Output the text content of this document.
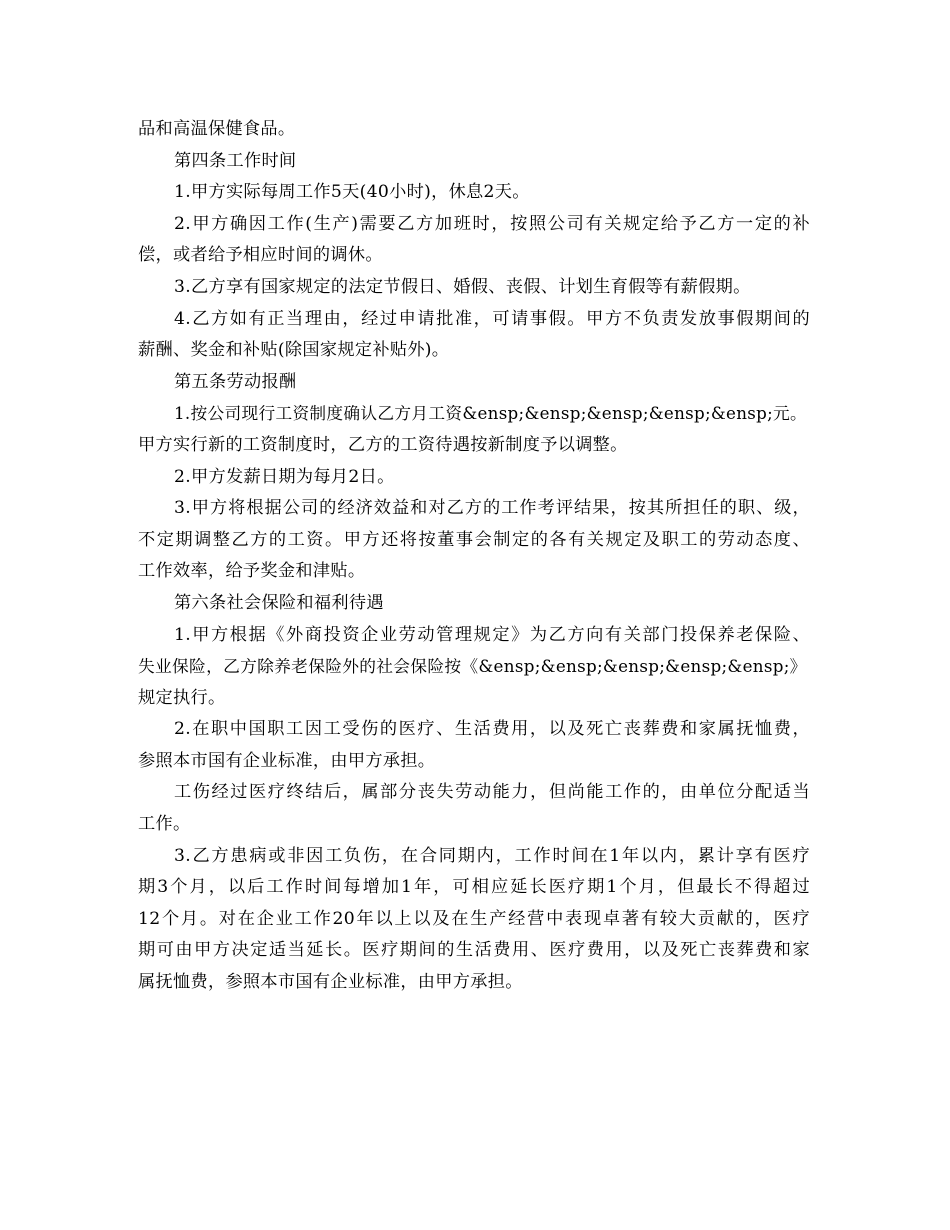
品和高温保健食品。
第四条工作时间
1.甲方实际每周工作5天(40小时)，休息2天。
2.甲方确因工作(生产)需要乙方加班时，按照公司有关规定给予乙方一定的补
偿，或者给予相应时间的调休。
3.乙方享有国家规定的法定节假日、婚假、丧假、计划生育假等有薪假期。
4.乙方如有正当理由，经过申请批准，可请事假。甲方不负责发放事假期间的
薪酬、奖金和补贴(除国家规定补贴外)。
第五条劳动报酬
1.按公司现行工资制度确认乙方月工资&ensp;&ensp;&ensp;&ensp;&ensp;元。
甲方实行新的工资制度时，乙方的工资待遇按新制度予以调整。
2.甲方发薪日期为每月2日。
3.甲方将根据公司的经济效益和对乙方的工作考评结果，按其所担任的职、级，
不定期调整乙方的工资。甲方还将按董事会制定的各有关规定及职工的劳动态度、
工作效率，给予奖金和津贴。
第六条社会保险和福利待遇
1.甲方根据《外商投资企业劳动管理规定》为乙方向有关部门投保养老保险、
失业保险，乙方除养老保险外的社会保险按《&ensp;&ensp;&ensp;&ensp;&ensp;》
规定执行。
2.在职中国职工因工受伤的医疗、生活费用，以及死亡丧葬费和家属抚恤费，
参照本市国有企业标准，由甲方承担。
工伤经过医疗终结后，属部分丧失劳动能力，但尚能工作的，由单位分配适当
工作。
3.乙方患病或非因工负伤，在合同期内，工作时间在1年以内，累计享有医疗
期3个月，以后工作时间每增加1年，可相应延长医疗期1个月，但最长不得超过
12个月。对在企业工作20年以上以及在生产经营中表现卓著有较大贡献的，医疗
期可由甲方决定适当延长。医疗期间的生活费用、医疗费用，以及死亡丧葬费和家
属抚恤费，参照本市国有企业标准，由甲方承担。
